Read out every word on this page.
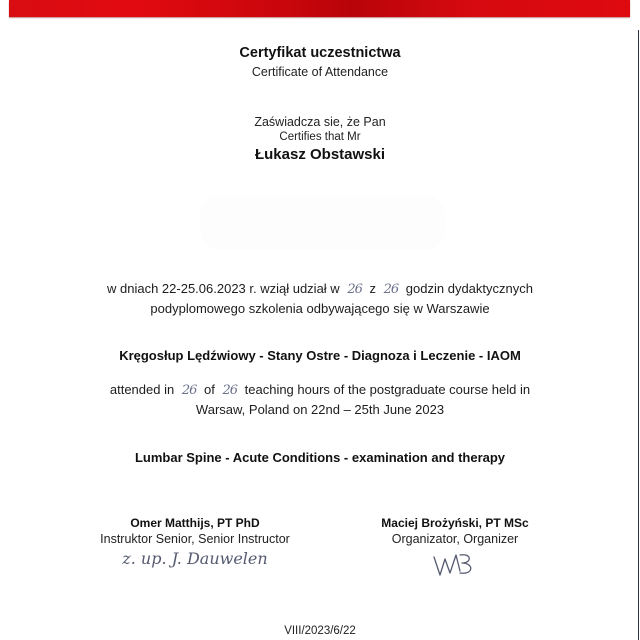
Certyfikat uczestnictwa
Certificate of Attendance
Zaświadcza sie, że Pan
Certifies that Mr
Łukasz Obstawski
w dniach 22-25.06.2023 r. wziął udział w 26 z 26 godzin dydaktycznych
podyplomowego szkolenia odbywającego się w Warszawie
Kręgosłup Lędźwiowy - Stany Ostre - Diagnoza i Leczenie - IAOM
attended in 26 of 26 teaching hours of the postgraduate course held in
Warsaw, Poland on 22nd – 25th June 2023
Lumbar Spine - Acute Conditions - examination and therapy
Omer Matthijs, PT PhD
Instruktor Senior, Senior Instructor
z. up. J. Dauwelen
Maciej Brożyński, PT MSc
Organizator, Organizer
VIII/2023/6/22
